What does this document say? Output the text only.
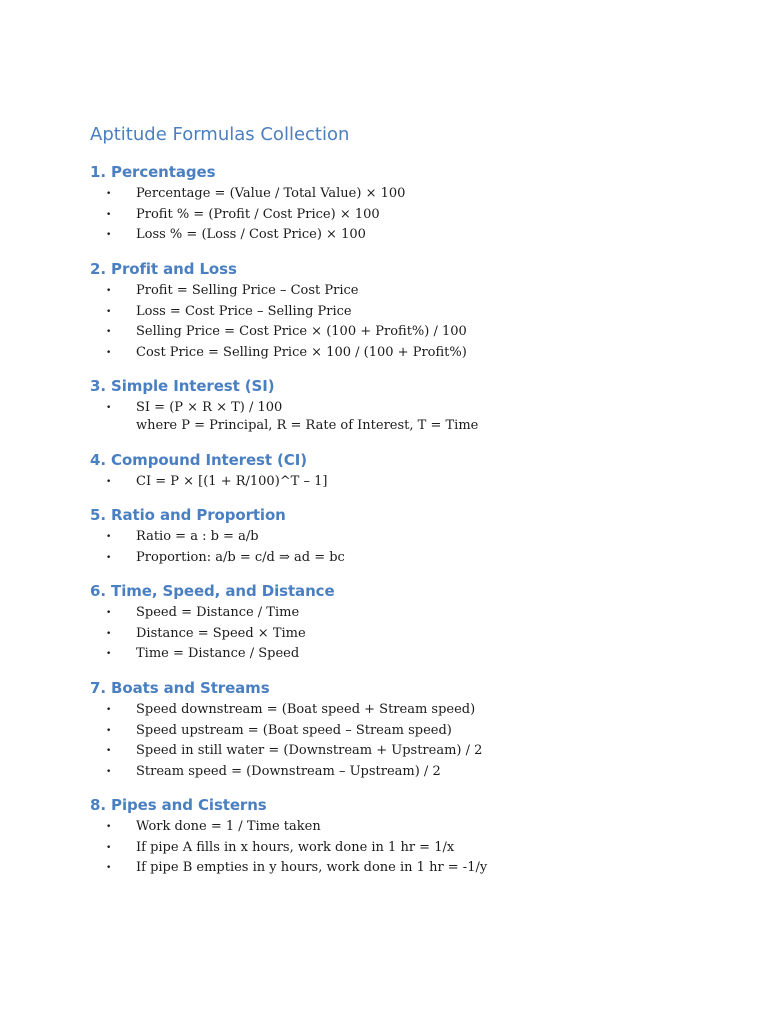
Aptitude Formulas Collection
1. Percentages
• Percentage = (Value / Total Value) × 100
• Profit % = (Profit / Cost Price) × 100
• Loss % = (Loss / Cost Price) × 100
2. Profit and Loss
• Profit = Selling Price – Cost Price
• Loss = Cost Price – Selling Price
• Selling Price = Cost Price × (100 + Profit%) / 100
• Cost Price = Selling Price × 100 / (100 + Profit%)
3. Simple Interest (SI)
• SI = (P × R × T) / 100
where P = Principal, R = Rate of Interest, T = Time
4. Compound Interest (CI)
• CI = P × [(1 + R/100)^T – 1]
5. Ratio and Proportion
• Ratio = a : b = a/b
• Proportion: a/b = c/d ⇒ ad = bc
6. Time, Speed, and Distance
• Speed = Distance / Time
• Distance = Speed × Time
• Time = Distance / Speed
7. Boats and Streams
• Speed downstream = (Boat speed + Stream speed)
• Speed upstream = (Boat speed – Stream speed)
• Speed in still water = (Downstream + Upstream) / 2
• Stream speed = (Downstream – Upstream) / 2
8. Pipes and Cisterns
• Work done = 1 / Time taken
• If pipe A fills in x hours, work done in 1 hr = 1/x
• If pipe B empties in y hours, work done in 1 hr = -1/y
